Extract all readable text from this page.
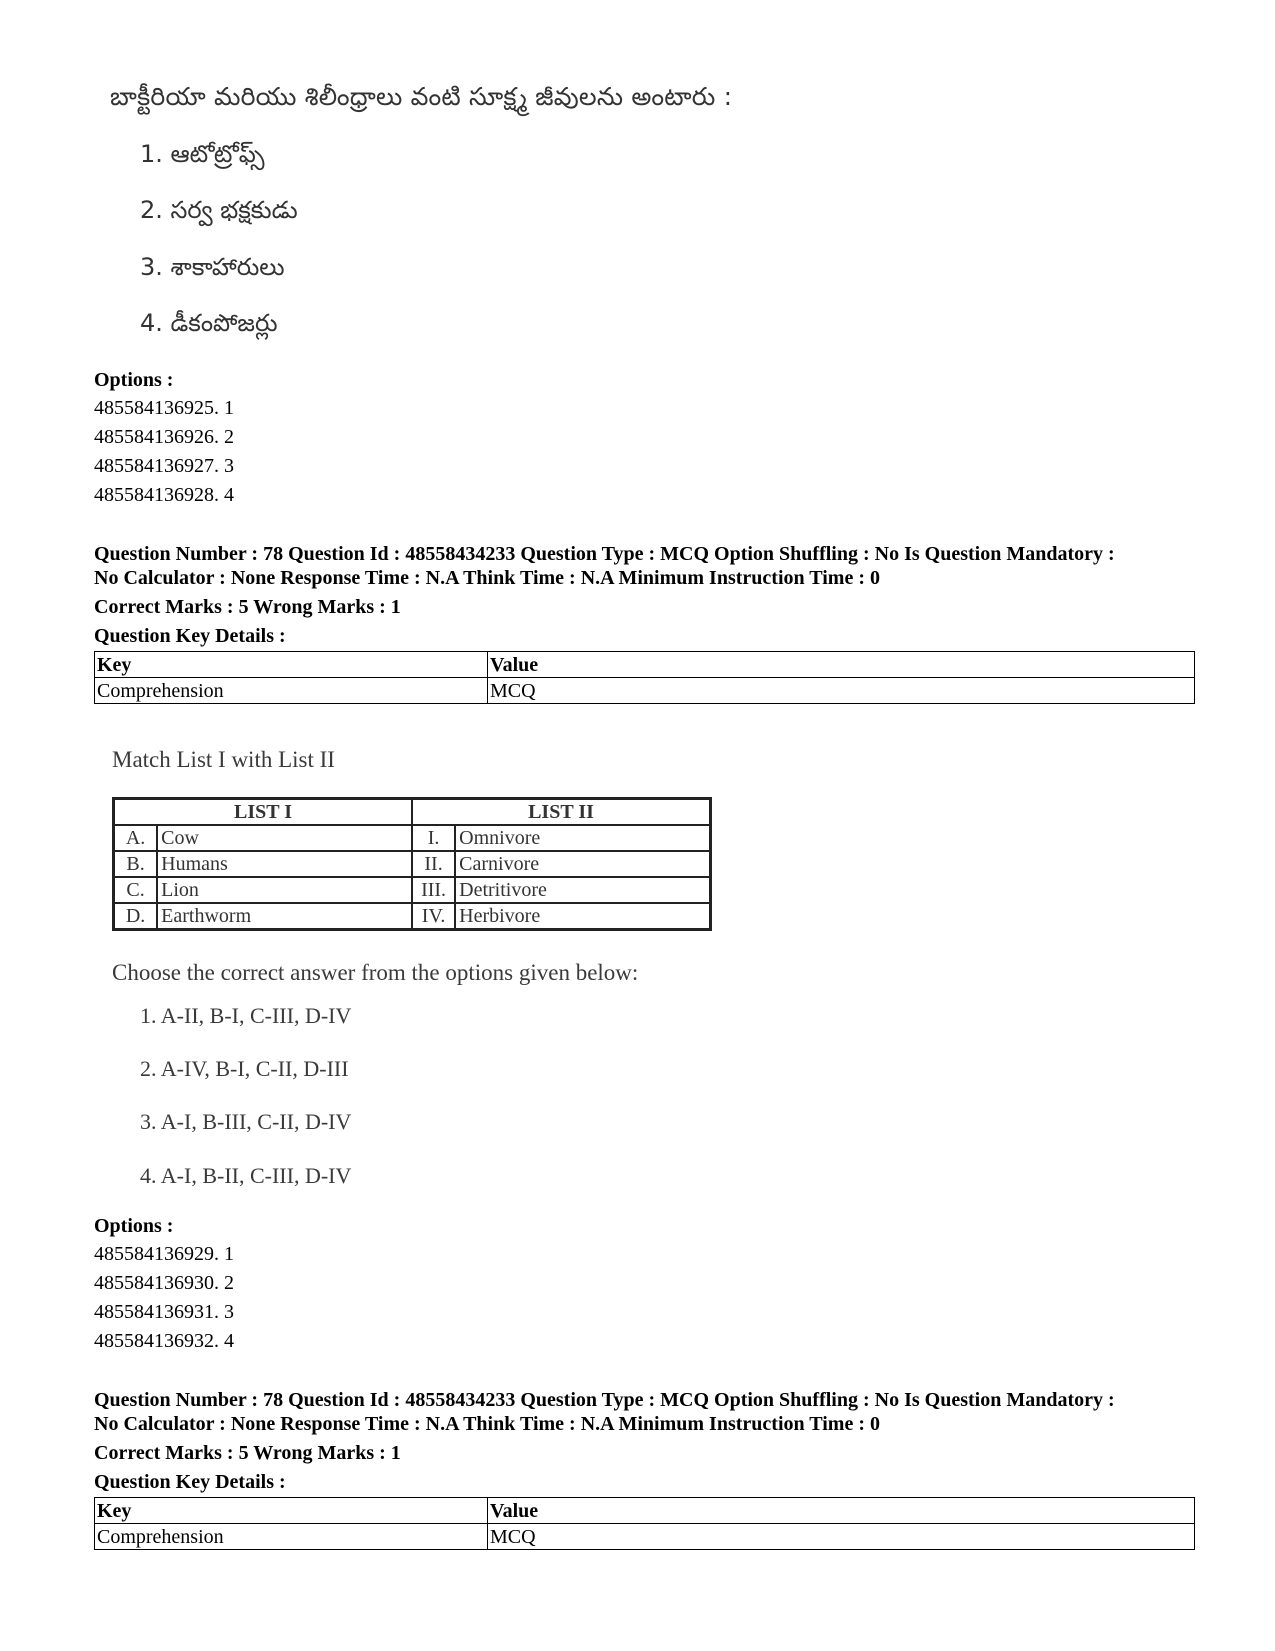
బాక్టీరియా మరియు శిలీంధ్రాలు వంటి సూక్ష్మ జీవులను అంటారు :
1. ఆటోట్రోఫ్స్
2. సర్వ భక్షకుడు
3. శాకాహారులు
4. డీకంపోజర్లు
Options :
485584136925. 1
485584136926. 2
485584136927. 3
485584136928. 4
Question Number : 78 Question Id : 48558434233 Question Type : MCQ Option Shuffling : No Is Question Mandatory :
No Calculator : None Response Time : N.A Think Time : N.A Minimum Instruction Time : 0
Correct Marks : 5 Wrong Marks : 1
Question Key Details :
Key	Value
Comprehension	MCQ
Match List I with List II
LIST I		LIST II	
A.	Cow	I.	Omnivore
B.	Humans	II.	Carnivore
C.	Lion	III.	Detritivore
D.	Earthworm	IV.	Herbivore
Choose the correct answer from the options given below:
1. A-II, B-I, C-III, D-IV
2. A-IV, B-I, C-II, D-III
3. A-I, B-III, C-II, D-IV
4. A-I, B-II, C-III, D-IV
Options :
485584136929. 1
485584136930. 2
485584136931. 3
485584136932. 4
Question Number : 78 Question Id : 48558434233 Question Type : MCQ Option Shuffling : No Is Question Mandatory :
No Calculator : None Response Time : N.A Think Time : N.A Minimum Instruction Time : 0
Correct Marks : 5 Wrong Marks : 1
Question Key Details :
Key	Value
Comprehension	MCQ
